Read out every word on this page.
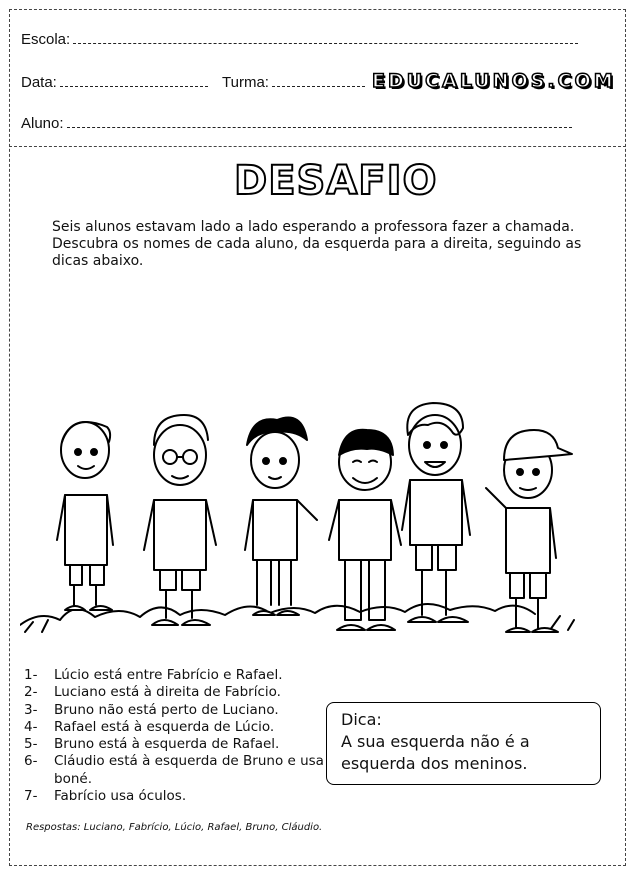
Escola:
Data:	Turma:	EDUCALUNOS.COM
Aluno:
DESAFIO
Seis alunos estavam lado a lado esperando a professora fazer a chamada. Descubra os nomes de cada aluno, da esquerda para a direita, seguindo as dicas abaixo.
1-	Lúcio está entre Fabrício e Rafael.
2-	Luciano está à direita de Fabrício.
3-	Bruno não está perto de Luciano.
4-	Rafael está à esquerda de Lúcio.
5-	Bruno está à esquerda de Rafael.
6-	Cláudio está à esquerda de Bruno e usa boné.
7-	Fabrício usa óculos.
Dica:
A sua esquerda não é a esquerda dos meninos.
Respostas: Luciano, Fabrício, Lúcio, Rafael, Bruno, Cláudio.
